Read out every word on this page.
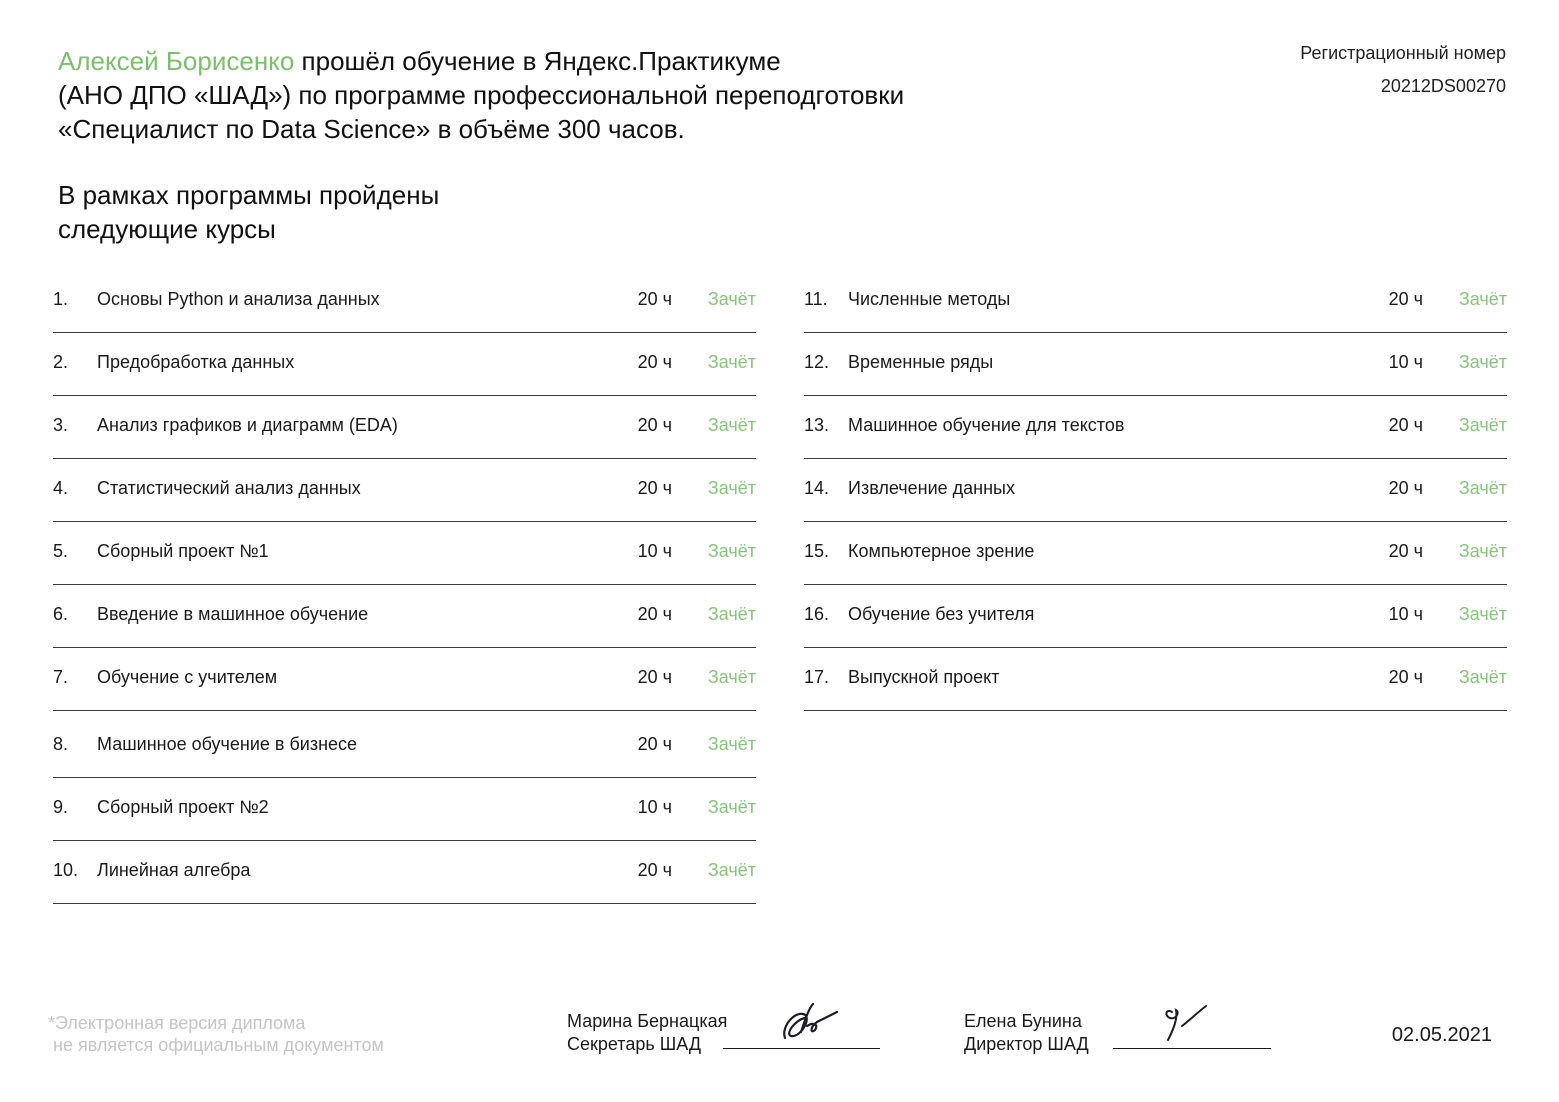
Алексей Борисенко прошёл обучение в Яндекс.Практикуме
(АНО ДПО «ШАД») по программе профессиональной переподготовки
«Специалист по Data Science» в объёме 300 часов.
В рамках программы пройдены
следующие курсы
Регистрационный номер
20212DS00270
1. Основы Python и анализа данных	20 ч Зачёт
2. Предобработка данных	20 ч Зачёт
3. Анализ графиков и диаграмм (EDA)	20 ч Зачёт
4. Статистический анализ данных	20 ч Зачёт
5. Сборный проект №1	10 ч Зачёт
6. Введение в машинное обучение	20 ч Зачёт
7. Обучение с учителем	20 ч Зачёт
8. Машинное обучение в бизнесе	20 ч Зачёт
9. Сборный проект №2	10 ч Зачёт
10. Линейная алгебра	20 ч Зачёт
11. Численные методы	20 ч Зачёт
12. Временные ряды	10 ч Зачёт
13. Машинное обучение для текстов	20 ч Зачёт
14. Извлечение данных	20 ч Зачёт
15. Компьютерное зрение	20 ч Зачёт
16. Обучение без учителя	10 ч Зачёт
17. Выпускной проект	20 ч Зачёт
*Электронная версия диплома

не является официальным документом
Марина Бернацкая
Секретарь ШАД
Елена Бунина
Директор ШАД	02.05.2021
